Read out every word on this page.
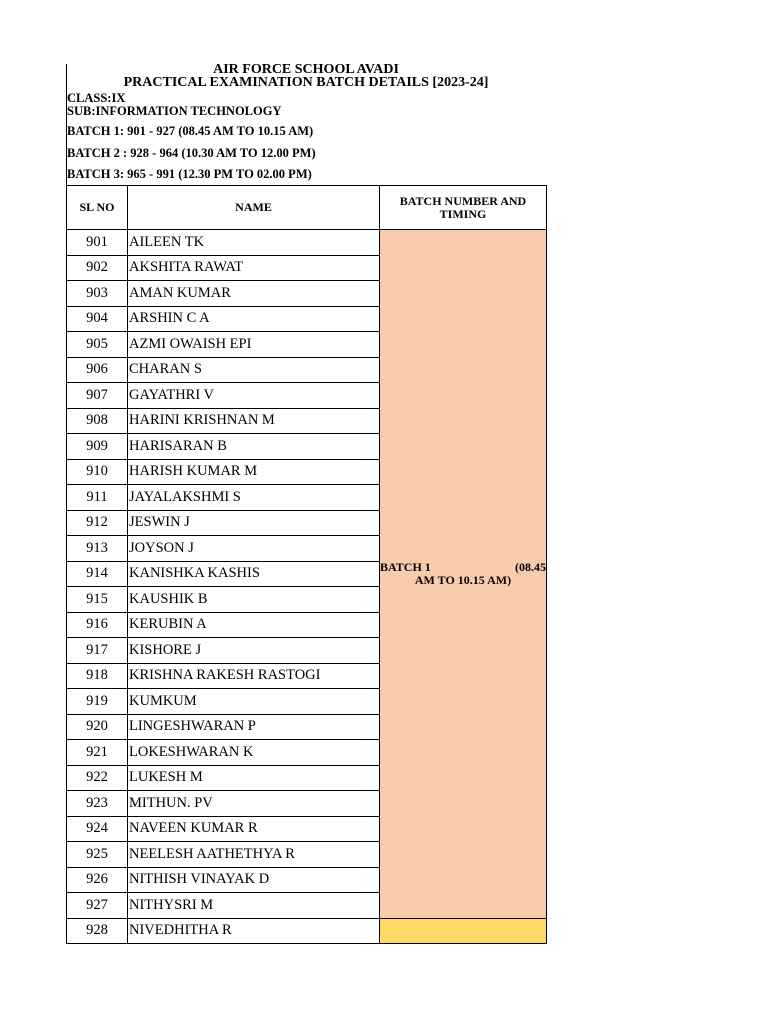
AIR FORCE SCHOOL AVADI
PRACTICAL EXAMINATION BATCH DETAILS [2023-24]
CLASS:IX
SUB:INFORMATION TECHNOLOGY
BATCH 1: 901 - 927 (08.45 AM TO 10.15 AM)
BATCH 2 : 928 - 964 (10.30 AM TO 12.00 PM)
BATCH 3: 965 - 991 (12.30 PM TO 02.00 PM)
SL NO	NAME	BATCH NUMBER AND TIMING
901	AILEEN TK	BATCH 1 (08.45
AM TO 10.15 AM)

902	AKSHITA RAWAT	
903	AMAN KUMAR	
904	ARSHIN C A	
905	AZMI OWAISH EPI	
906	CHARAN S	
907	GAYATHRI V	
908	HARINI KRISHNAN M	
909	HARISARAN B	
910	HARISH KUMAR M	
911	JAYALAKSHMI S	
912	JESWIN J	
913	JOYSON J	
914	KANISHKA KASHIS	
915	KAUSHIK B	
916	KERUBIN A	
917	KISHORE J	
918	KRISHNA RAKESH RASTOGI	
919	KUMKUM	
920	LINGESHWARAN P	
921	LOKESHWARAN K	
922	LUKESH M	
923	MITHUN. PV	
924	NAVEEN KUMAR R	
925	NEELESH AATHETHYA R	
926	NITHISH VINAYAK D	
927	NITHYSRI M	
928	NIVEDHITHA R	
